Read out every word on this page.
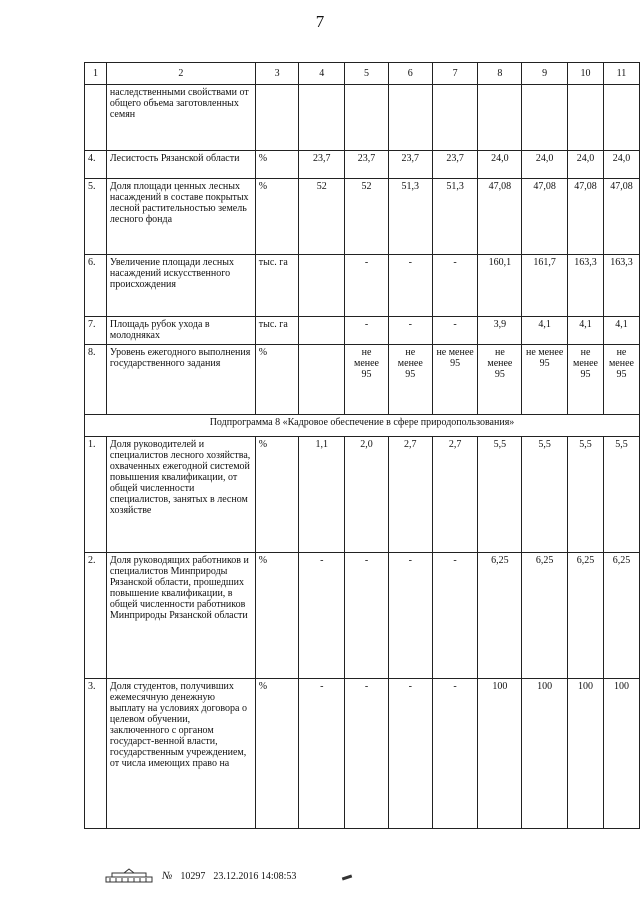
7
1	2	3	4	5	6	7	8	9	10	11
	наследственными свойствами от общего объема заготовленных семян									
4.	Лесистость Рязанской области	%	23,7	23,7	23,7	23,7	24,0	24,0	24,0	24,0
5.	Доля площади ценных лесных насаждений в составе покрытых лесной растительностью земель лесного фонда	%	52	52	51,3	51,3	47,08	47,08	47,08	47,08
6.	Увеличение площади лесных насаждений искусственного происхождения	тыс. га		-	-	-	160,1	161,7	163,3	163,3
7.	Площадь рубок ухода в молодняках	тыс. га		-	-	-	3,9	4,1	4,1	4,1
8.	Уровень ежегодного выполнения государственного задания	%		не менее 95	не менее 95	не менее 95	не менее 95	не менее 95	не менее 95	не менее 95
Подпрограмма 8 «Кадровое обеспечение в сфере природопользования»										
1.	Доля руководителей и специалистов лесного хозяйства, охваченных ежегодной системой повышения квалификации, от общей численности специалистов, занятых в лесном хозяйстве	%	1,1	2,0	2,7	2,7	5,5	5,5	5,5	5,5
2.	Доля руководящих работников и специалистов Минприроды Рязанской области, прошедших повышение квалификации, в общей численности работников Минприроды Рязанской области	%	-	-	-	-	6,25	6,25	6,25	6,25
3.	Доля студентов, получивших ежемесячную денежную выплату на условиях договора о целевом обучении, заключенного с органом государст-венной власти, государственным учреждением, от числа имеющих право на	%	-	-	-	-	100	100	100	100
№ 10297 23.12.2016 14:08:53
